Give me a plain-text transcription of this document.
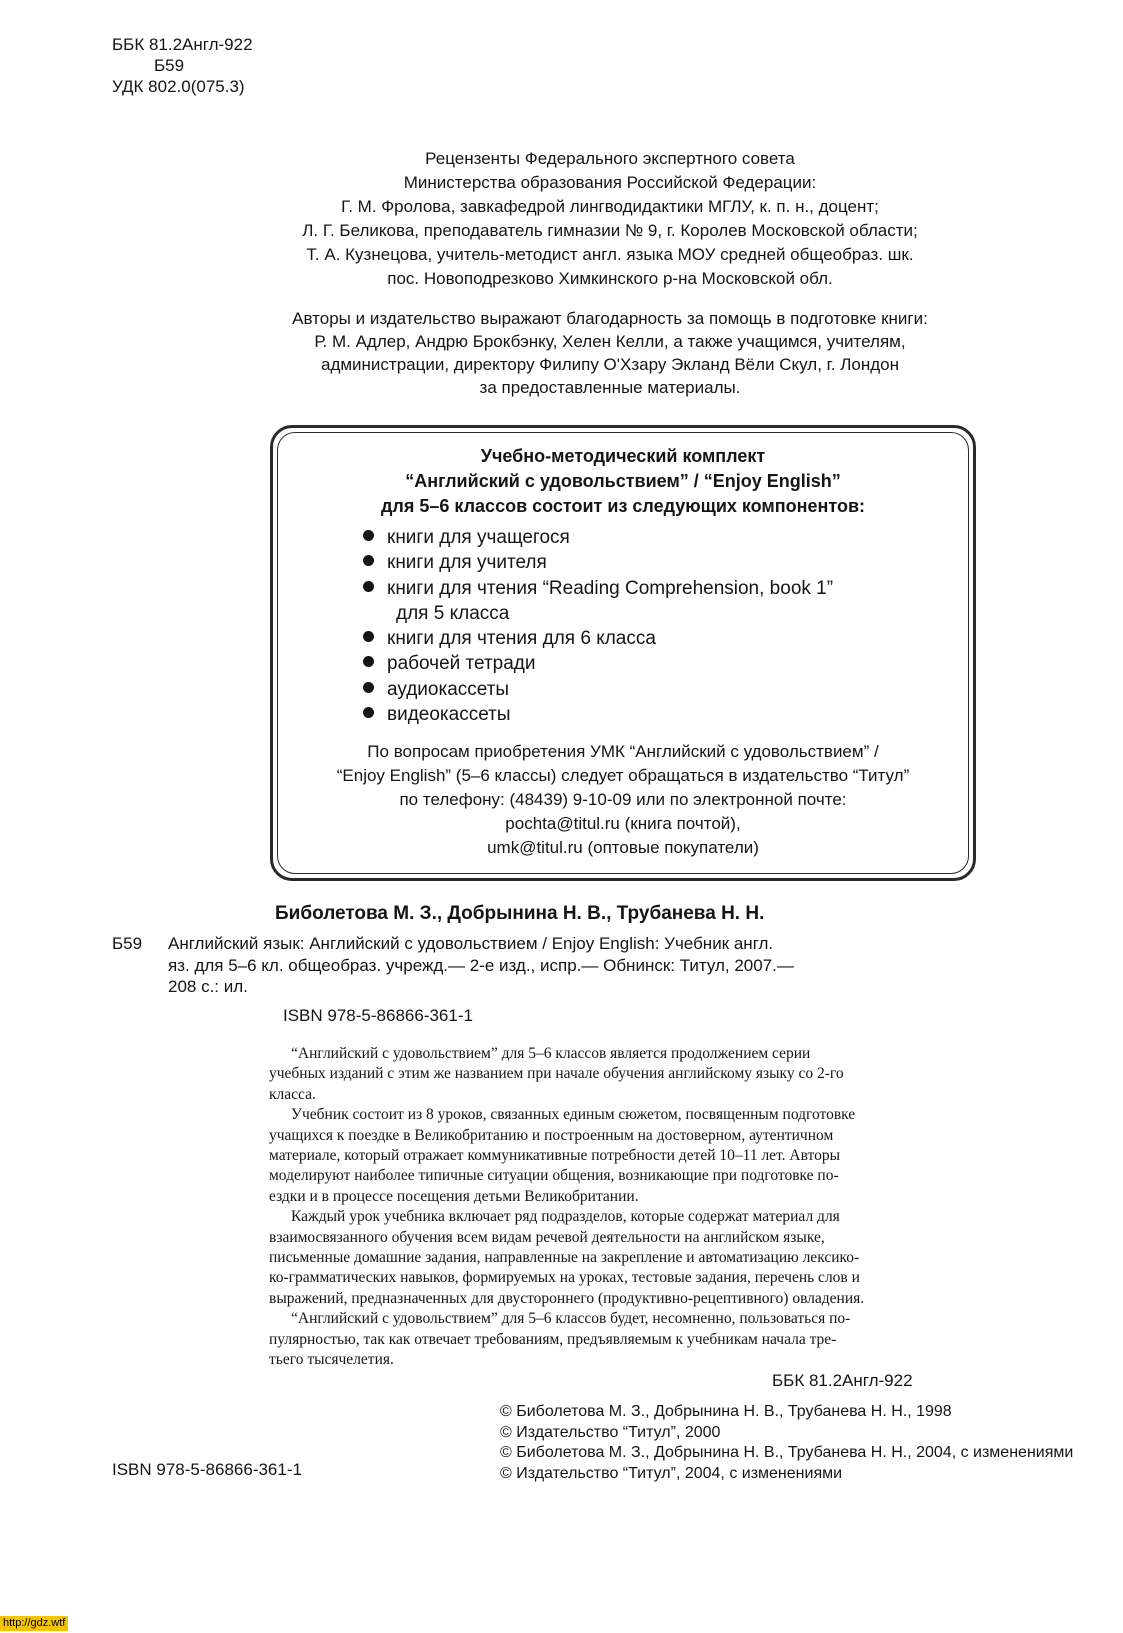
ББК 81.2Англ-922
Б59
УДК 802.0(075.3)
Рецензенты Федерального экспертного совета
Министерства образования Российской Федерации:
Г. М. Фролова, завкафедрой лингводидактики МГЛУ, к. п. н., доцент;
Л. Г. Беликова, преподаватель гимназии № 9, г. Королев Московской области;
Т. А. Кузнецова, учитель-методист англ. языка МОУ средней общеобраз. шк.
пос. Новоподрезково Химкинского р-на Московской обл.
Авторы и издательство выражают благодарность за помощь в подготовке книги:
Р. М. Адлер, Андрю Брокбэнку, Хелен Келли, а также учащимся, учителям,
администрации, директору Филипу О'Хзару Экланд Вёли Скул, г. Лондон
за предоставленные материалы.
Учебно-методический комплект
“Английский с удовольствием” / “Enjoy English”
для 5–6 классов состоит из следующих компонентов:
книги для учащегося
книги для учителя
книги для чтения “Reading Comprehension, book 1”
для 5 класса
книги для чтения для 6 класса
рабочей тетради
аудиокассеты
видеокассеты
По вопросам приобретения УМК “Английский с удовольствием” /
“Enjoy English” (5–6 классы) следует обращаться в издательство “Титул”
по телефону: (48439) 9-10-09 или по электронной почте:
pochta@titul.ru (книга почтой),
umk@titul.ru (оптовые покупатели)
Биболетова М. З., Добрынина Н. В., Трубанева Н. Н.
Б59	Английский язык: Английский с удовольствием / Enjoy English: Учебник англ.
яз. для 5–6 кл. общеобраз. учрежд.— 2-е изд., испр.— Обнинск: Титул, 2007.—
208 с.: ил.
ISBN 978-5-86866-361-1
“Английский с удовольствием” для 5–6 классов является продолжением серии
учебных изданий с этим же названием при начале обучения английскому языку со 2-го
класса.
Учебник состоит из 8 уроков, связанных единым сюжетом, посвященным подготовке
учащихся к поездке в Великобританию и построенным на достоверном, аутентичном
материале, который отражает коммуникативные потребности детей 10–11 лет. Авторы
моделируют наиболее типичные ситуации общения, возникающие при подготовке по-
ездки и в процессе посещения детьми Великобритании.
Каждый урок учебника включает ряд подразделов, которые содержат материал для
взаимосвязанного обучения всем видам речевой деятельности на английском языке,
письменные домашние задания, направленные на закрепление и автоматизацию лексико-
ко-грамматических навыков, формируемых на уроках, тестовые задания, перечень слов и
выражений, предназначенных для двустороннего (продуктивно-рецептивного) овладения.
“Английский с удовольствием” для 5–6 классов будет, несомненно, пользоваться по-
пулярностью, так как отвечает требованиям, предъявляемым к учебникам начала тре-
тьего тысячелетия.
ББК 81.2Англ-922
© Биболетова М. З., Добрынина Н. В., Трубанева Н. Н., 1998
© Издательство “Титул”, 2000
© Биболетова М. З., Добрынина Н. В., Трубанева Н. Н., 2004, с изменениями
© Издательство “Титул”, 2004, с изменениями
ISBN 978-5-86866-361-1
http://gdz.wtf
